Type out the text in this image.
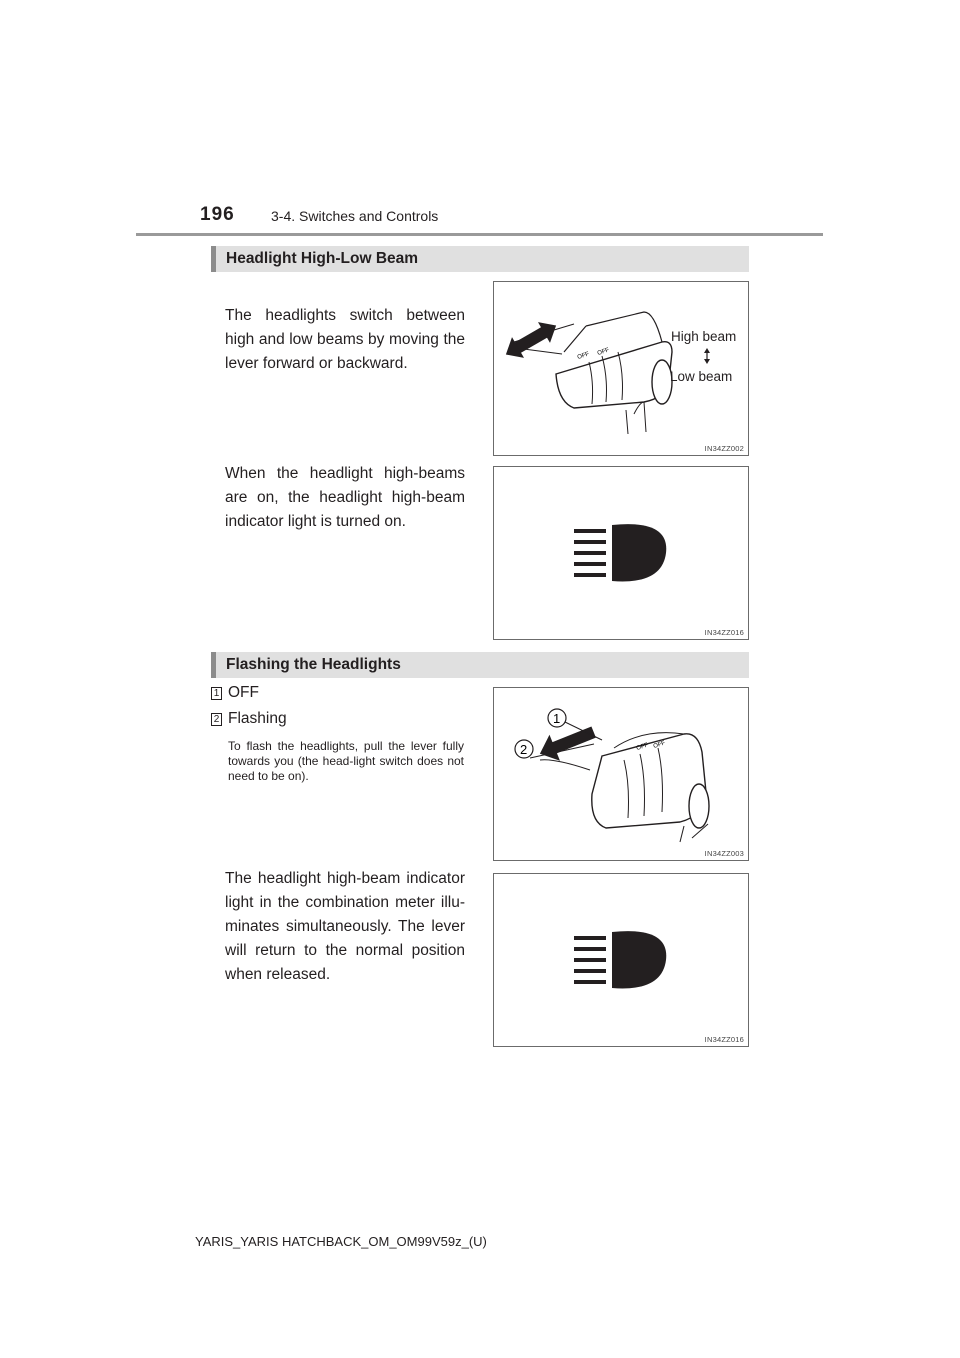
196	3-4. Switches and Controls
Headlight High-Low Beam
The headlights switch between high and low beams by moving the lever forward or backward.	OFF OFF
High beam
Low beam
IN34ZZ002
When the headlight high-beams are on, the headlight high-beam indicator light is turned on.
IN34ZZ016
Flashing the Headlights
1 OFF
2 Flashing
To flash the headlights, pull the lever fully towards you (the head-light switch does not need to be on).
OFF OFF
1
2
IN34ZZ003
The headlight high-beam indicator light in the combination meter illu-minates simultaneously. The lever will return to the normal position when released.
IN34ZZ016
YARIS_YARIS HATCHBACK_OM_OM99V59z_(U)
